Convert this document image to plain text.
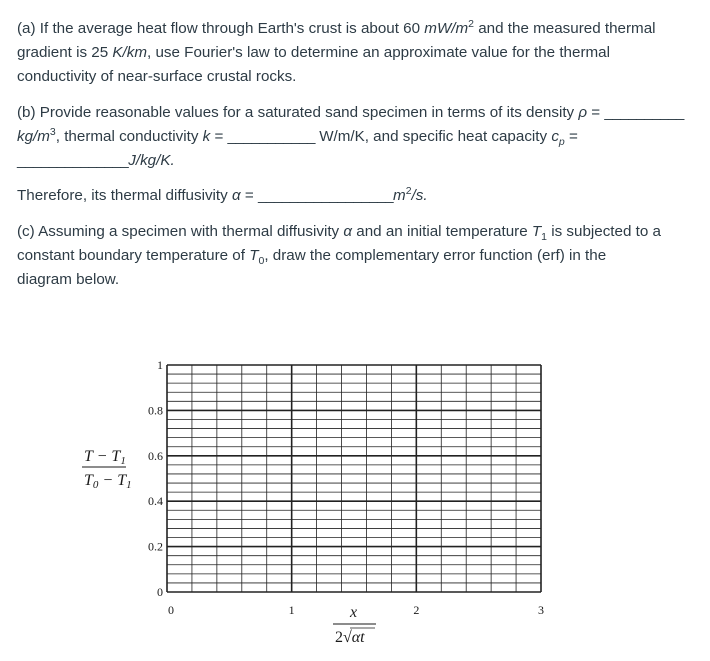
(a) If the average heat flow through Earth's crust is about 60 $mW/m^2$ and the measured thermal
gradient is 25 K/km, use Fourier's law to determine an approximate value for the thermal
conductivity of near-surface crustal rocks.
(b) Provide reasonable values for a saturated sand specimen in terms of its density ρ = __________
$kg/m^3$, thermal conductivity k = ___________ W/m/K, and specific heat capacity $c_p$ =
______________J/kg/K.
Therefore, its thermal diffusivity $\alpha = \_\_\_\_\_\_\_\_\_\_\_\_\_\_\_\_\_m^2/s$.
(c) Assuming a specimen with thermal diffusivity α and an initial temperature $T_1$ is subjected to a
constant boundary temperature of $T_0$, draw the complementary error function (erf) in the
diagram below.
1
0.8
0.6
0.4
0.2
0
0	1	2	3
T − T1
T0 − T1
x
2√αt
